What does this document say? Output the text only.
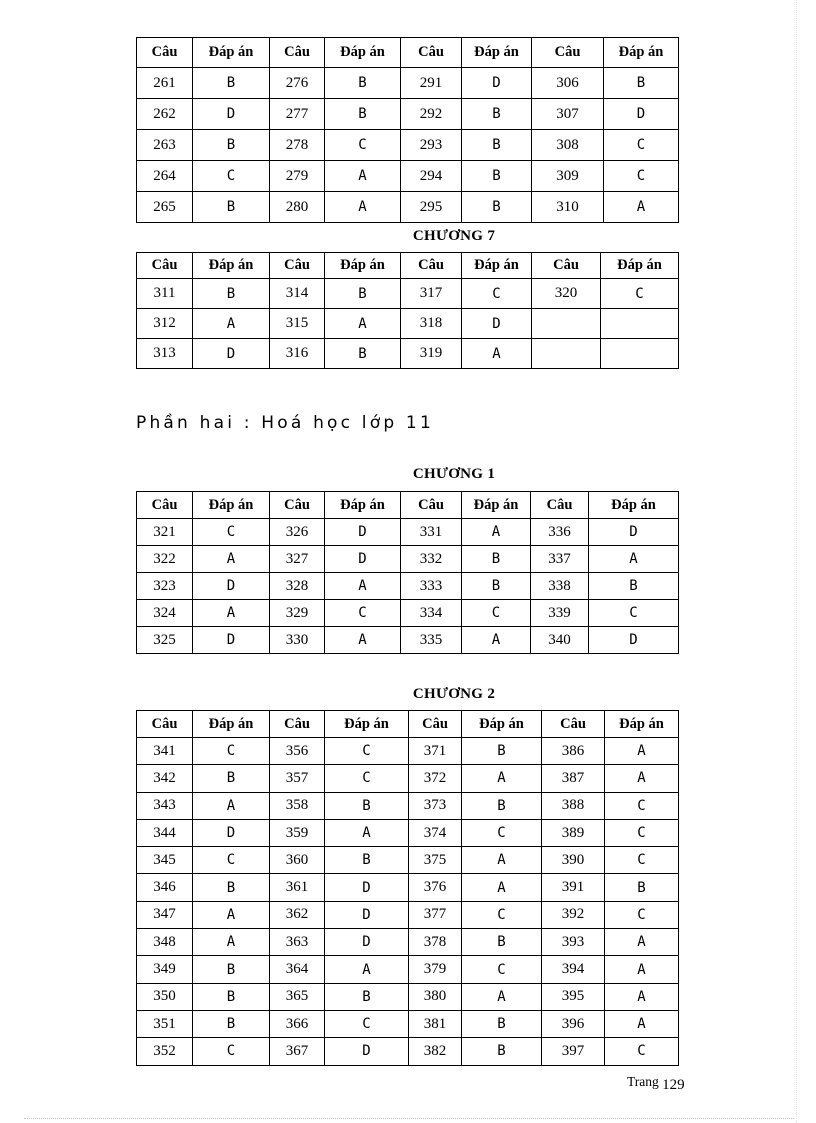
Câu	Đáp án	Câu	Đáp án	Câu	Đáp án	Câu	Đáp án
261	B	276	B	291	D	306	B
262	D	277	B	292	B	307	D
263	B	278	C	293	B	308	C
264	C	279	A	294	B	309	C
265	B	280	A	295	B	310	A
CHƯƠNG 7
Câu	Đáp án	Câu	Đáp án	Câu	Đáp án	Câu	Đáp án
311	B	314	B	317	C	320	C
312	A	315	A	318	D		
313	D	316	B	319	A		
Phần hai : Hoá học lớp 11
CHƯƠNG 1
Câu	Đáp án	Câu	Đáp án	Câu	Đáp án	Câu	Đáp án
321	C	326	D	331	A	336	D
322	A	327	D	332	B	337	A
323	D	328	A	333	B	338	B
324	A	329	C	334	C	339	C
325	D	330	A	335	A	340	D
CHƯƠNG 2
Câu	Đáp án	Câu	Đáp án	Câu	Đáp án	Câu	Đáp án
341	C	356	C	371	B	386	A
342	B	357	C	372	A	387	A
343	A	358	B	373	B	388	C
344	D	359	A	374	C	389	C
345	C	360	B	375	A	390	C
346	B	361	D	376	A	391	B
347	A	362	D	377	C	392	C
348	A	363	D	378	B	393	A
349	B	364	A	379	C	394	A
350	B	365	B	380	A	395	A
351	B	366	C	381	B	396	A
352	C	367	D	382	B	397	C
Trang 129
